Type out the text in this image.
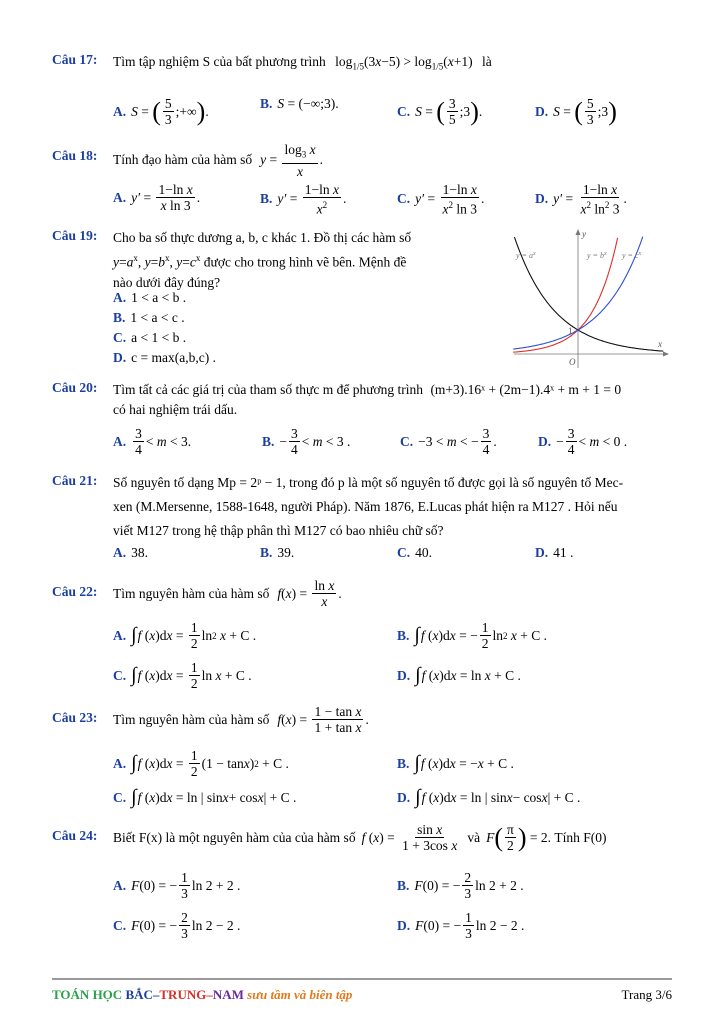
Câu 17: Tìm tập nghiệm S của bất phương trình $\log_{1/5}(3x-5) > \log_{1/5}(x+1)$ là
A. S = ( $\frac{5}{3}$ ;+∞ ) .	B. S = (−∞;3).	C. S = ( $\frac{3}{5}$ ;3 ) .	D. S = ( $\frac{5}{3}$ ;3 )
Câu 18: Tính đạo hàm của hàm số $y = \frac{\log_3 x}{x}$ .
A. $y' = \frac{\text{1−ln x}}{\text{x ln 3}}$ .	B. $y' = \frac{\text{1−ln x}}{x^2}$ .	C. $y' = \frac{\text{1−ln x}}{x^2 \ln 3}$ .	D. $y' = \frac{\text{1−ln x}}{x^2 \ln^2 3}$ .
Câu 19: Cho ba số thực dương a, b, c khác 1. Đồ thị các hàm số
$y=a^x$, $y=b^x$, $y=c^x$ được cho trong hình vẽ bên. Mệnh đề
nào dưới đây đúng?
A. 1 < a < b .
B. 1 < a < c .
C. a < 1 < b .
D. c = max(a,b,c) .
y
x
O
1
$y = a^x$	$y = b^x$ $y = c^x$
Câu 20: Tìm tất cả các giá trị của tham số thực m để phương trình (m+3).16ˣ + (2m−1).4ˣ + m + 1 = 0
có hai nghiệm trái dấu.
A. $\frac{3}{4} < m < 3$.	B. − $\frac{3}{4} < m < 3$ .	C. −3 < m < − $\frac{3}{4}$ .	D. − $\frac{3}{4} < m < 0$ .
Câu 21: Số nguyên tố dạng Mp = 2ᵖ − 1, trong đó p là một số nguyên tố được gọi là số nguyên tố Mec-
xen (M.Mersenne, 1588-1648, người Pháp). Năm 1876, E.Lucas phát hiện ra M127 . Hỏi nếu
viết M127 trong hệ thập phân thì M127 có bao nhiêu chữ số?
A. 38.	B. 39.	C. 40.	D. 41 .
Câu 22: Tìm nguyên hàm của hàm số f ( x ) = $\frac{\text{ln x}}{x}$ .
A. ∫ f ( x )d $x = \frac{1}{2}$ ln 2
x + C .	B. ∫ f ( x )d x = − $\frac{1}{2}$ ln 2
x + C .
C. ∫ f ( x )d $x = \frac{1}{2}$ ln x + C .	D. ∫ f ( x )d x = ln x + C .
Câu 23: Tìm nguyên hàm của hàm số f ( x ) = $\frac{\text{1 − tan x}}{\text{1 + tan x}}$ .
A. ∫ f ( x )d $x = \frac{1}{2} (1 - \tan x$ ) 2 + C .	B. ∫ f ( x )d x = − x + C .
C. ∫ f ( x )d x = ln | sin x + cos x | + C .	D. ∫ f ( x )d x = ln | sin x − cos x | + C .
Câu 24: Biết F(x) là một nguyên hàm của của hàm số f ( x ) = $\frac{\text{sin x}}{\text{1 + 3cos x}}$ và F ( $\frac{\pi}{2}$ ) = 2. Tính F(0)
A. F (0) = − $\frac{1}{3}$ ln 2 + 2 .	B. F (0) = − $\frac{2}{3}$ ln 2 + 2 .
C. F (0) = − $\frac{2}{3}$ ln 2 − 2 .	D. F (0) = − $\frac{1}{3}$ ln 2 − 2 .
TOÁN HỌC BẮC–TRUNG–NAM sưu tầm và biên tập	Trang 3/6
